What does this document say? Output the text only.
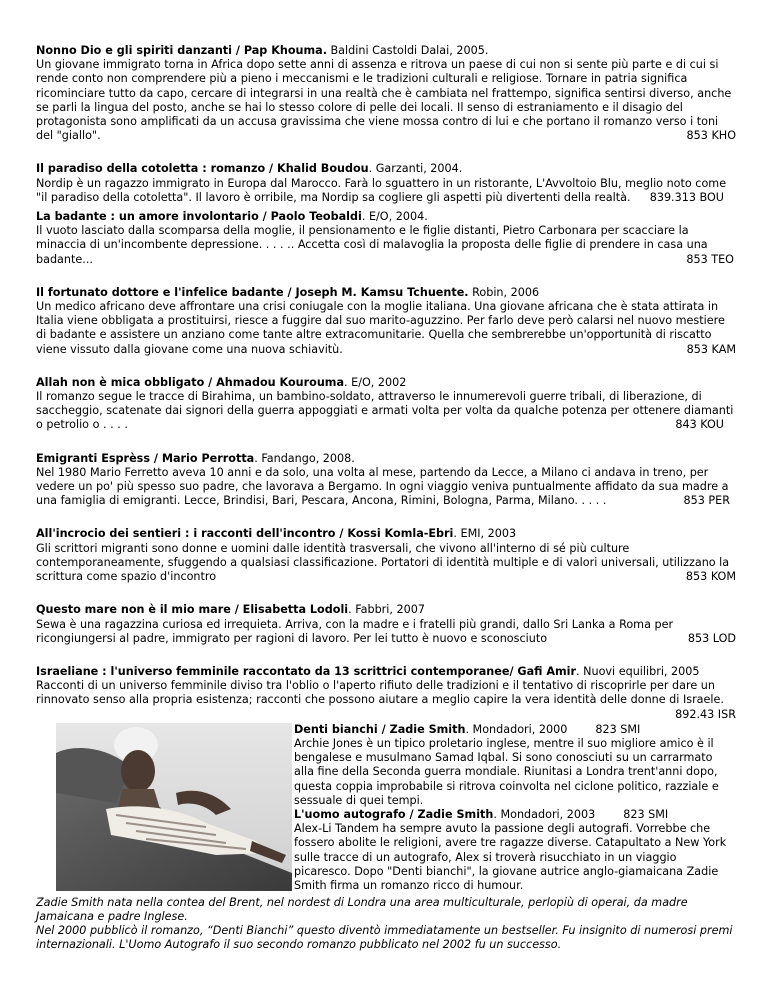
Nonno Dio e gli spiriti danzanti / Pap Khouma. Baldini Castoldi Dalai, 2005.
Un giovane immigrato torna in Africa dopo sette anni di assenza e ritrova un paese di cui non si sente più parte e di cui si rende conto non comprendere più a pieno i meccanismi e le tradizioni culturali e religiose. Tornare in patria significa ricominciare tutto da capo, cercare di integrarsi in una realtà che è cambiata nel frattempo, significa sentirsi diverso, anche se parli la lingua del posto, anche se hai lo stesso colore di pelle dei locali. Il senso di estraniamento e il disagio del protagonista sono amplificati da un accusa gravissima che viene mossa contro di lui e che portano il romanzo verso i toni del "giallo".	853 KHO
Il paradiso della cotoletta : romanzo / Khalid Boudou. Garzanti, 2004.
Nordip è un ragazzo immigrato in Europa dal Marocco. Farà lo sguattero in un ristorante, L'Avvoltoio Blu, meglio noto come "il paradiso della cotoletta". Il lavoro è orribile, ma Nordip sa cogliere gli aspetti più divertenti della realtà. 839.313 BOU
La badante : un amore involontario / Paolo Teobaldi. E/O, 2004.
Il vuoto lasciato dalla scomparsa della moglie, il pensionamento e le figlie distanti, Pietro Carbonara per scacciare la minaccia di un'incombente depressione. . . . .. Accetta così di malavoglia la proposta delle figlie di prendere in casa una badante...	853 TEO
Il fortunato dottore e l'infelice badante / Joseph M. Kamsu Tchuente. Robin, 2006
Un medico africano deve affrontare una crisi coniugale con la moglie italiana. Una giovane africana che è stata attirata in Italia viene obbligata a prostituirsi, riesce a fuggire dal suo marito-aguzzino. Per farlo deve però calarsi nel nuovo mestiere di badante e assistere un anziano come tante altre extracomunitarie. Quella che sembrerebbe un'opportunità di riscatto viene vissuto dalla giovane come una nuova schiavitù.	853 KAM
Allah non è mica obbligato / Ahmadou Kourouma. E/O, 2002
Il romanzo segue le tracce di Birahima, un bambino-soldato, attraverso le innumerevoli guerre tribali, di liberazione, di saccheggio, scatenate dai signori della guerra appoggiati e armati volta per volta da qualche potenza per ottenere diamanti o petrolio o . . . .	843 KOU
Emigranti Esprèss / Mario Perrotta. Fandango, 2008.
Nel 1980 Mario Ferretto aveva 10 anni e da solo, una volta al mese, partendo da Lecce, a Milano ci andava in treno, per vedere un po' più spesso suo padre, che lavorava a Bergamo. In ogni viaggio veniva puntualmente affidato da sua madre a una famiglia di emigranti. Lecce, Brindisi, Bari, Pescara, Ancona, Rimini, Bologna, Parma, Milano. . . . .	853 PER
All'incrocio dei sentieri : i racconti dell'incontro / Kossi Komla-Ebri. EMI, 2003
Gli scrittori migranti sono donne e uomini dalle identità trasversali, che vivono all'interno di sé più culture contemporaneamente, sfuggendo a qualsiasi classificazione. Portatori di identità multiple e di valori universali, utilizzano la scrittura come spazio d'incontro	853 KOM
Questo mare non è il mio mare / Elisabetta Lodoli. Fabbri, 2007
Sewa è una ragazzina curiosa ed irrequieta. Arriva, con la madre e i fratelli più grandi, dallo Sri Lanka a Roma per ricongiungersi al padre, immigrato per ragioni di lavoro. Per lei tutto è nuovo e sconosciuto	853 LOD
Israeliane : l'universo femminile raccontato da 13 scrittrici contemporanee/ Gafi Amir. Nuovi equilibri, 2005
Racconti di un universo femminile diviso tra l'oblio o l'aperto rifiuto delle tradizioni e il tentativo di riscoprirle per dare un rinnovato senso alla propria esistenza; racconti che possono aiutare a meglio capire la vera identità delle donne di Israele.
892.43 ISR
Denti bianchi / Zadie Smith. Mondadori, 2000	823 SMI
Archie Jones è un tipico proletario inglese, mentre il suo migliore amico è il bengalese e musulmano Samad Iqbal. Si sono conosciuti su un carrarmato alla fine della Seconda guerra mondiale. Riunitasi a Londra trent'anni dopo, questa coppia improbabile si ritrova coinvolta nel ciclone politico, razziale e sessuale di quei tempi.
L'uomo autografo / Zadie Smith. Mondadori, 2003	823 SMI
Alex-Li Tandem ha sempre avuto la passione degli autografi. Vorrebbe che fossero abolite le religioni, avere tre ragazze diverse. Catapultato a New York sulle tracce di un autografo, Alex si troverà risucchiato in un viaggio picaresco. Dopo "Denti bianchi", la giovane autrice anglo-giamaicana Zadie Smith firma un romanzo ricco di humour.
Zadie Smith nata nella contea del Brent, nel nordest di Londra una area multiculturale, perlopiù di operai, da madre Jamaicana e padre Inglese.
Nel 2000 pubblicò il romanzo, “Denti Bianchi” questo diventò immediatamente un bestseller. Fu insignito di numerosi premi internazionali. L'Uomo Autografo il suo secondo romanzo pubblicato nel 2002 fu un successo.
